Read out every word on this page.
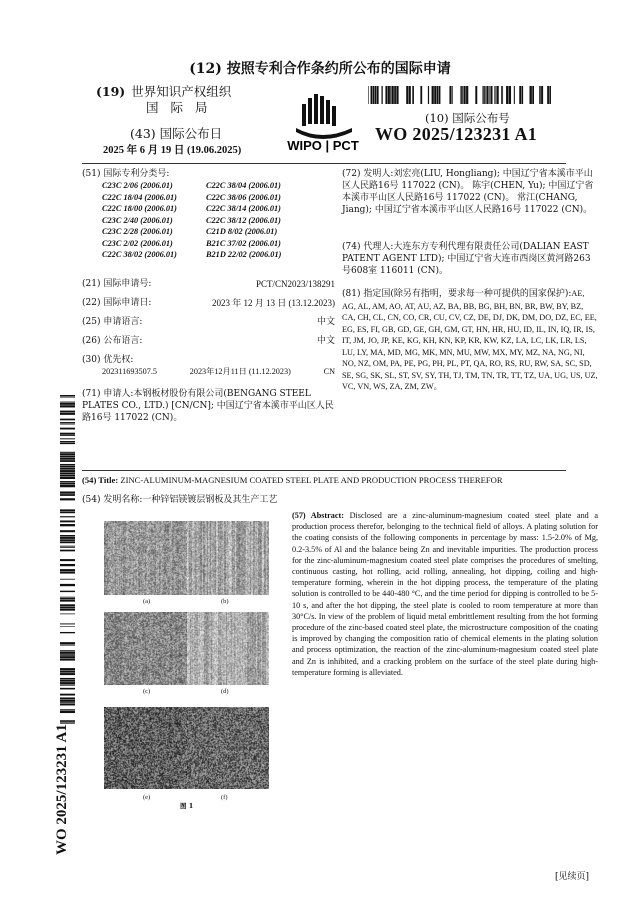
(12) 按照专利合作条约所公布的国际申请
(19) 世界知识产权组织
国 际 局
(43) 国际公布日
2025 年 6 月 19 日 (19.06.2025)	WIPO | PCT
(10) 国际公布号
WO 2025/123231 A1
(51) 国际专利分类号:
C23C 2/06 (2006.01)	C22C 38/04 (2006.01)
C22C 18/04 (2006.01)	C22C 38/06 (2006.01)
C22C 18/00 (2006.01)	C22C 38/14 (2006.01)
C23C 2/40 (2006.01)	C22C 38/12 (2006.01)
C23C 2/28 (2006.01)	C21D 8/02 (2006.01)
C23C 2/02 (2006.01)	B21C 37/02 (2006.01)
C22C 38/02 (2006.01)	B21D 22/02 (2006.01)
(21) 国际申请号:	PCT/CN2023/138291
(22) 国际申请日:	2023 年 12 月 13 日 (13.12.2023)
(25) 申请语言:	中文
(26) 公布语言:	中文
(30) 优先权:
202311693507.5	2023年12月11日 (11.12.2023)	CN
(71) 申请人:本钢板材股份有限公司(BENGANG STEEL PLATES CO., LTD.) [CN/CN]; 中国辽宁省本溪市平山区人民路16号 117022 (CN)。
(72) 发明人:刘宏亮(LIU, Hongliang); 中国辽宁省本溪市平山区人民路16号 117022 (CN)。 陈宇(CHEN, Yu); 中国辽宁省本溪市平山区人民路16号 117022 (CN)。 常江(CHANG, Jiang); 中国辽宁省本溪市平山区人民路16号 117022 (CN)。
(74) 代理人:大连东方专利代理有限责任公司(DALIAN EAST PATENT AGENT LTD); 中国辽宁省大连市西岗区黄河路263号608室 116011 (CN)。
(81) 指定国(除另有指明，要求每一种可提供的国家保护):AE, AG, AL, AM, AO, AT, AU, AZ, BA, BB, BG, BH, BN, BR, BW, BY, BZ, CA, CH, CL, CN, CO, CR, CU, CV, CZ, DE, DJ, DK, DM, DO, DZ, EC, EE, EG, ES, FI, GB, GD, GE, GH, GM, GT, HN, HR, HU, ID, IL, IN, IQ, IR, IS, IT, JM, JO, JP, KE, KG, KH, KN, KP, KR, KW, KZ, LA, LC, LK, LR, LS, LU, LY, MA, MD, MG, MK, MN, MU, MW, MX, MY, MZ, NA, NG, NI, NO, NZ, OM, PA, PE, PG, PH, PL, PT, QA, RO, RS, RU, RW, SA, SC, SD, SE, SG, SK, SL, ST, SV, SY, TH, TJ, TM, TN, TR, TT, TZ, UA, UG, US, UZ, VC, VN, WS, ZA, ZM, ZW。
(54) Title: ZINC-ALUMINUM-MAGNESIUM COATED STEEL PLATE AND PRODUCTION PROCESS THEREFOR
(54) 发明名称:一种锌铝镁镀层钢板及其生产工艺
(a)	(b)
(c)	(d)
(e)	(f)
图 1
(57) Abstract: Disclosed are a zinc-aluminum-magnesium coated steel plate and a production process therefor, belonging to the technical field of alloys. A plating solution for the coating consists of the following components in percentage by mass: 1.5-2.0% of Mg, 0.2-3.5% of Al and the balance being Zn and inevitable impurities. The production process for the zinc-aluminum-magnesium coated steel plate comprises the procedures of smelting, continuous casting, hot rolling, acid rolling, annealing, hot dipping, coiling and high-temperature forming, wherein in the hot dipping process, the temperature of the plating solution is controlled to be 440-480 °C, and the time period for dipping is controlled to be 5-10 s, and after the hot dipping, the steel plate is cooled to room temperature at more than 30°C/s. In view of the problem of liquid metal embrittlement resulting from the hot forming procedure of the zinc-based coated steel plate, the microstructure composition of the coating is improved by changing the composition ratio of chemical elements in the plating solution and process optimization, the reaction of the zinc-aluminum-magnesium coated steel plate and Zn is inhibited, and a cracking problem on the surface of the steel plate during high-temperature forming is alleviated.
WO 2025/123231 A1
[见续页]
